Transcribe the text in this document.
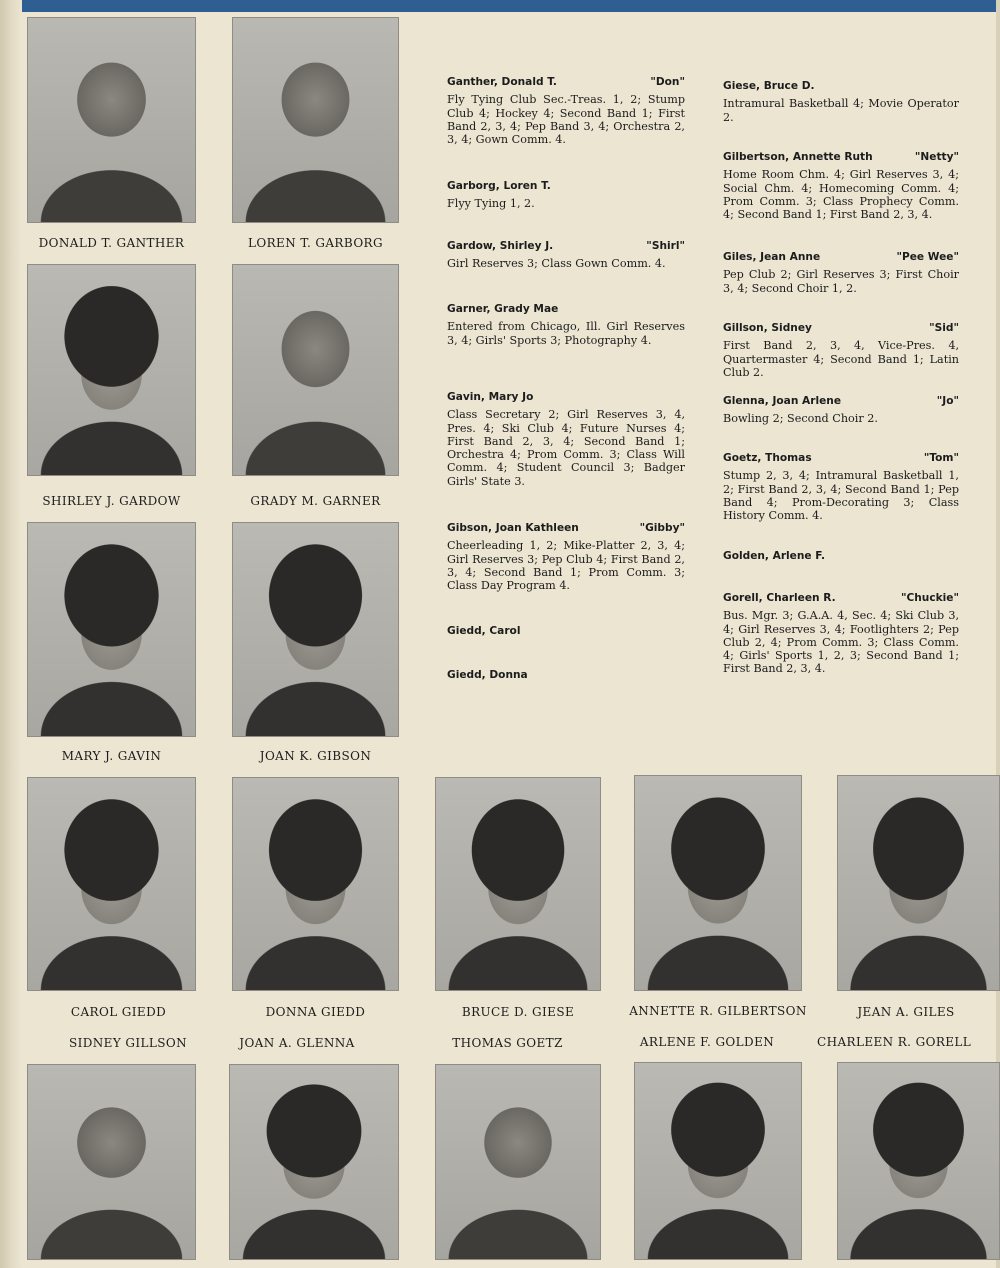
DONALD T. GANTHER	LOREN T. GARBORG
SHIRLEY J. GARDOW	GRADY M. GARNER
MARY J. GAVIN	JOAN K. GIBSON
CAROL GIEDD	DONNA GIEDD	BRUCE D. GIESE	ANNETTE R. GILBERTSON	JEAN A. GILES
SIDNEY GILLSON	JOAN A. GLENNA	THOMAS GOETZ	ARLENE F. GOLDEN	CHARLEEN R. GORELL
Ganther, Donald T.	"Don"
Fly Tying Club Sec.-Treas. 1, 2; Stump Club 4; Hockey 4; Second Band 1; First Band 2, 3, 4; Pep Band 3, 4; Orchestra 2, 3, 4; Gown Comm. 4.
Garborg, Loren T.
Flyy Tying 1, 2.
Gardow, Shirley J.	"Shirl"
Girl Reserves 3; Class Gown Comm. 4.
Garner, Grady Mae
Entered from Chicago, Ill. Girl Reserves 3, 4; Girls' Sports 3; Photography 4.
Gavin, Mary Jo
Class Secretary 2; Girl Reserves 3, 4, Pres. 4; Ski Club 4; Future Nurses 4; First Band 2, 3, 4; Second Band 1; Orchestra 4; Prom Comm. 3; Class Will Comm. 4; Student Council 3; Badger Girls' State 3.
Gibson, Joan Kathleen	"Gibby"
Cheerleading 1, 2; Mike-Platter 2, 3, 4; Girl Reserves 3; Pep Club 4; First Band 2, 3, 4; Second Band 1; Prom Comm. 3; Class Day Program 4.
Giedd, Carol
Giedd, Donna
Giese, Bruce D.
Intramural Basketball 4; Movie Operator 2.
Gilbertson, Annette Ruth	"Netty"
Home Room Chm. 4; Girl Reserves 3, 4; Social Chm. 4; Homecoming Comm. 4; Prom Comm. 3; Class Prophecy Comm. 4; Second Band 1; First Band 2, 3, 4.
Giles, Jean Anne	"Pee Wee"
Pep Club 2; Girl Reserves 3; First Choir 3, 4; Second Choir 1, 2.
Gillson, Sidney	"Sid"
First Band 2, 3, 4, Vice-Pres. 4, Quartermaster 4; Second Band 1; Latin Club 2.
Glenna, Joan Arlene	"Jo"
Bowling 2; Second Choir 2.
Goetz, Thomas	"Tom"
Stump 2, 3, 4; Intramural Basketball 1, 2; First Band 2, 3, 4; Second Band 1; Pep Band 4; Prom-Decorating 3; Class History Comm. 4.
Golden, Arlene F.
Gorell, Charleen R.	"Chuckie"
Bus. Mgr. 3; G.A.A. 4, Sec. 4; Ski Club 3, 4; Girl Reserves 3, 4; Footlighters 2; Pep Club 2, 4; Prom Comm. 3; Class Comm. 4; Girls' Sports 1, 2, 3; Second Band 1; First Band 2, 3, 4.
